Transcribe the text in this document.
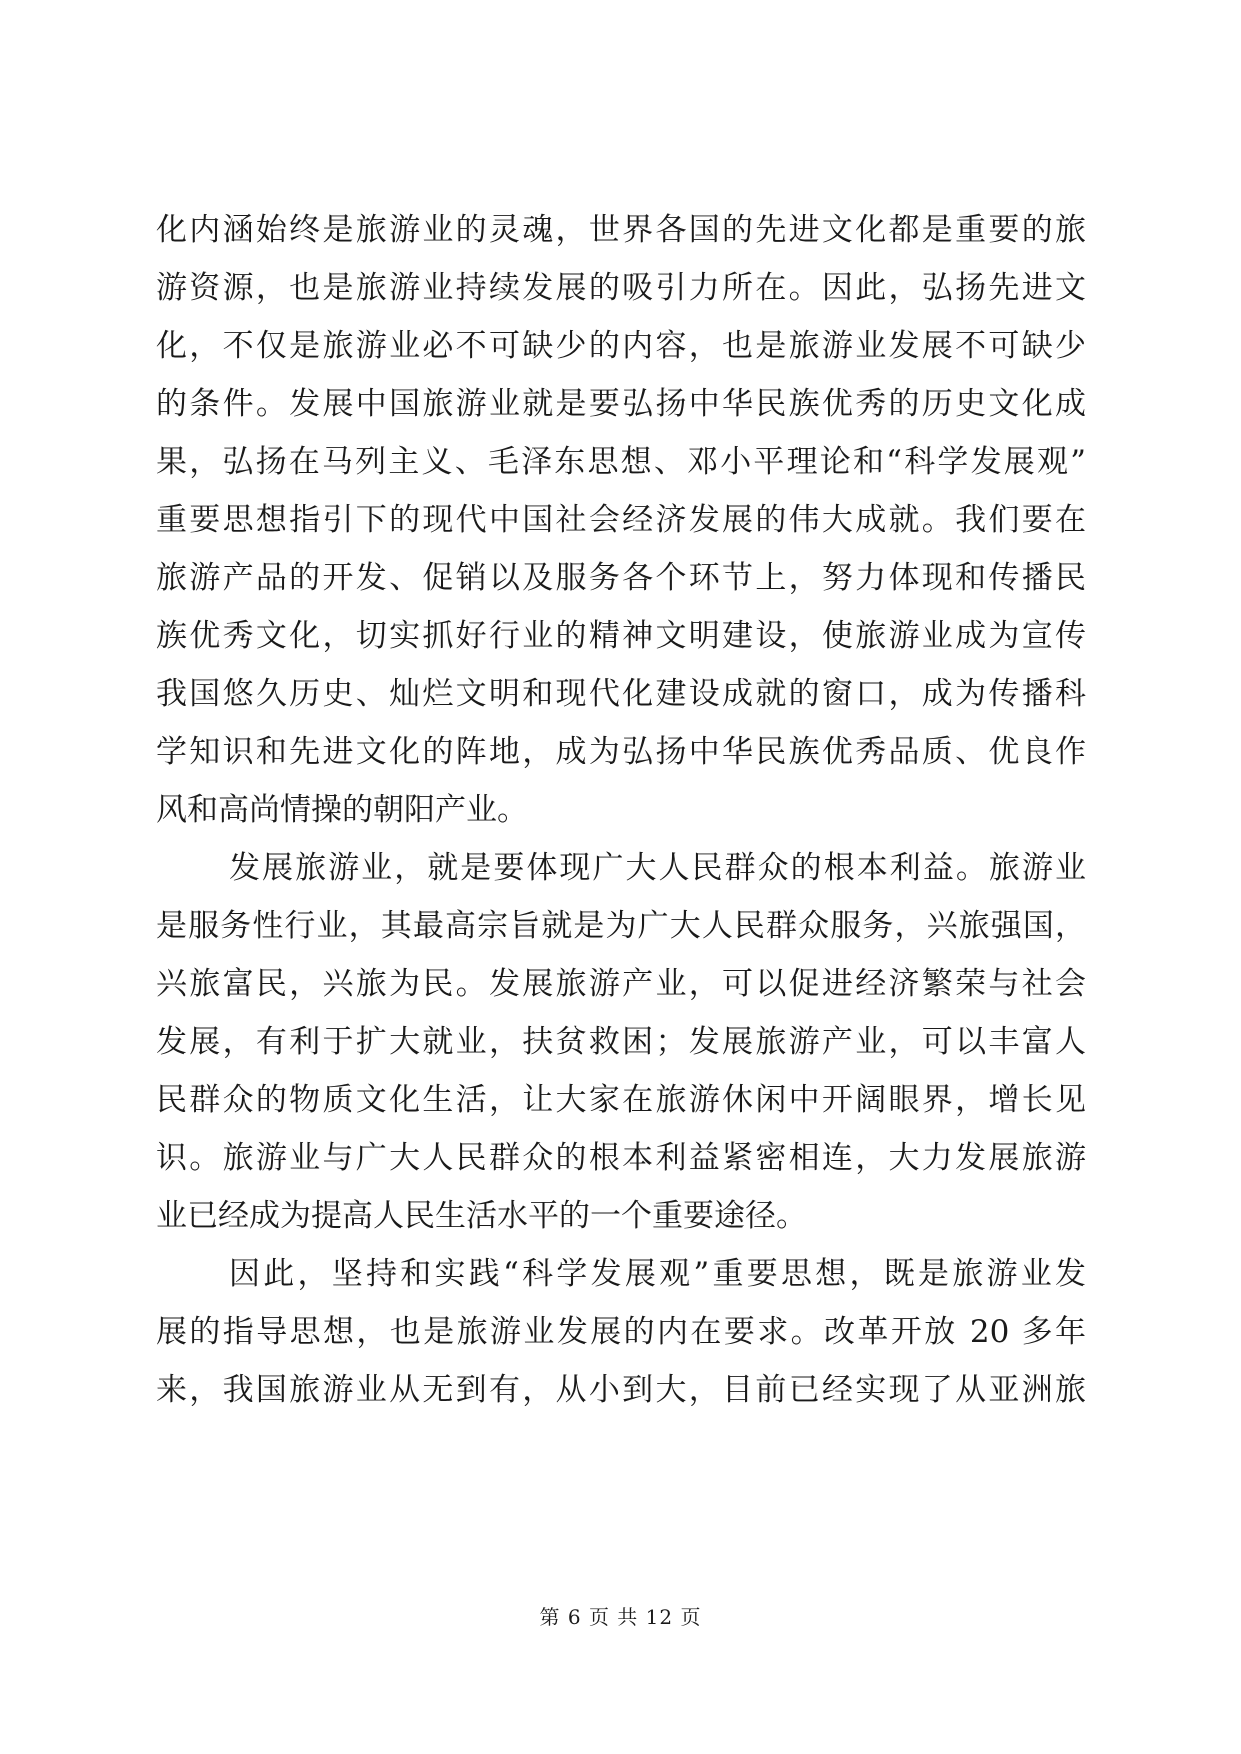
化内涵始终是旅游业的灵魂，世界各国的先进文化都是重要的旅
游资源，也是旅游业持续发展的吸引力所在。因此，弘扬先进文
化，不仅是旅游业必不可缺少的内容，也是旅游业发展不可缺少
的条件。发展中国旅游业就是要弘扬中华民族优秀的历史文化成
果，弘扬在马列主义、毛泽东思想、邓小平理论和“科学发展观”
重要思想指引下的现代中国社会经济发展的伟大成就。我们要在
旅游产品的开发、促销以及服务各个环节上，努力体现和传播民
族优秀文化，切实抓好行业的精神文明建设，使旅游业成为宣传
我国悠久历史、灿烂文明和现代化建设成就的窗口，成为传播科
学知识和先进文化的阵地，成为弘扬中华民族优秀品质、优良作
风和高尚情操的朝阳产业。
发展旅游业，就是要体现广大人民群众的根本利益。旅游业
是服务性行业，其最高宗旨就是为广大人民群众服务，兴旅强国，
兴旅富民，兴旅为民。发展旅游产业，可以促进经济繁荣与社会
发展，有利于扩大就业，扶贫救困；发展旅游产业，可以丰富人
民群众的物质文化生活，让大家在旅游休闲中开阔眼界，增长见
识。旅游业与广大人民群众的根本利益紧密相连，大力发展旅游
业已经成为提高人民生活水平的一个重要途径。
因此，坚持和实践“科学发展观”重要思想，既是旅游业发
展的指导思想，也是旅游业发展的内在要求。改革开放 20 多年
来，我国旅游业从无到有，从小到大，目前已经实现了从亚洲旅
第 6 页 共 12 页
